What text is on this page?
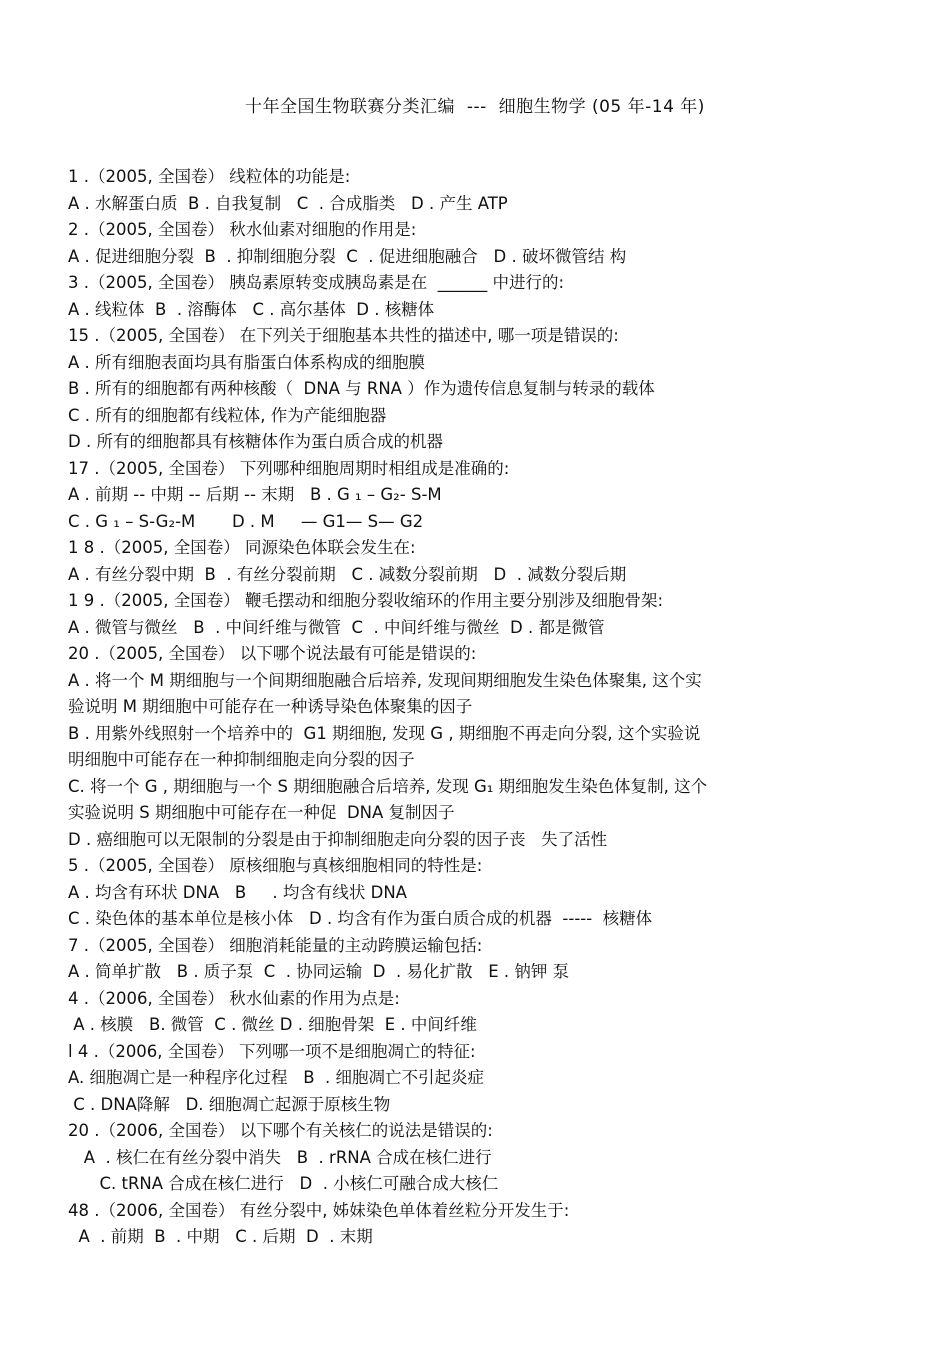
十年全国生物联赛分类汇编  ---  细胞生物学 (05 年-14 年)
1 .（2005, 全国卷） 线粒体的功能是:
A . 水解蛋白质  B . 自我复制   C  . 合成脂类   D . 产生 ATP
2 .（2005, 全国卷） 秋水仙素对细胞的作用是:
A . 促进细胞分裂  B  . 抑制细胞分裂  C  . 促进细胞融合   D . 破坏微管结 构
3 .（2005, 全国卷） 胰岛素原转变成胰岛素是在  ______ 中进行的:
A . 线粒体  B  . 溶酶体   C . 高尔基体  D . 核糖体
15 .（2005, 全国卷） 在下列关于细胞基本共性的描述中, 哪一项是错误的:
A . 所有细胞表面均具有脂蛋白体系构成的细胞膜
B . 所有的细胞都有两种核酸（  DNA 与 RNA ）作为遗传信息复制与转录的载体
C . 所有的细胞都有线粒体, 作为产能细胞器
D . 所有的细胞都具有核糖体作为蛋白质合成的机器
17 .（2005, 全国卷） 下列哪种细胞周期时相组成是准确的:
A . 前期 -- 中期 -- 后期 -- 末期   B . G ₁ – G₂- S-M
C . G ₁ – S-G₂-M       D . M     — G1— S— G2
1 8 .（2005, 全国卷） 同源染色体联会发生在:
A . 有丝分裂中期  B  . 有丝分裂前期   C . 减数分裂前期   D  . 减数分裂后期
1 9 .（2005, 全国卷） 鞭毛摆动和细胞分裂收缩环的作用主要分别涉及细胞骨架:
A . 微管与微丝   B  . 中间纤维与微管  C  . 中间纤维与微丝  D . 都是微管
20 .（2005, 全国卷） 以下哪个说法最有可能是错误的:
A . 将一个 M 期细胞与一个间期细胞融合后培养, 发现间期细胞发生染色体聚集, 这个实
验说明 M 期细胞中可能存在一种诱导染色体聚集的因子
B . 用紫外线照射一个培养中的  G1 期细胞, 发现 G , 期细胞不再走向分裂, 这个实验说
明细胞中可能存在一种抑制细胞走向分裂的因子
C. 将一个 G , 期细胞与一个 S 期细胞融合后培养, 发现 G₁ 期细胞发生染色体复制, 这个
实验说明 S 期细胞中可能存在一种促  DNA 复制因子
D . 癌细胞可以无限制的分裂是由于抑制细胞走向分裂的因子丧   失了活性
5 .（2005, 全国卷） 原核细胞与真核细胞相同的特性是:
A . 均含有环状 DNA   B     . 均含有线状 DNA
C . 染色体的基本单位是核小体   D . 均含有作为蛋白质合成的机器  -----  核糖体
7 .（2005, 全国卷） 细胞消耗能量的主动跨膜运输包括:
A . 简单扩散   B . 质子泵  C  . 协同运输  D  . 易化扩散   E . 钠钾 泵
4 .（2006, 全国卷） 秋水仙素的作用为点是:
A . 核膜   B. 微管  C . 微丝 D . 细胞骨架  E . 中间纤维
l 4 .（2006, 全国卷） 下列哪一项不是细胞凋亡的特征:
A. 细胞凋亡是一种程序化过程   B  . 细胞凋亡不引起炎症
C . DNA降解   D. 细胞凋亡起源于原核生物
20 .（2006, 全国卷） 以下哪个有关核仁的说法是错误的:
A  . 核仁在有丝分裂中消失   B  . rRNA 合成在核仁进行
C. tRNA 合成在核仁进行   D  . 小核仁可融合成大核仁
48 .（2006, 全国卷） 有丝分裂中, 姊妹染色单体着丝粒分开发生于:
A  . 前期  B  . 中期   C . 后期  D  . 末期
